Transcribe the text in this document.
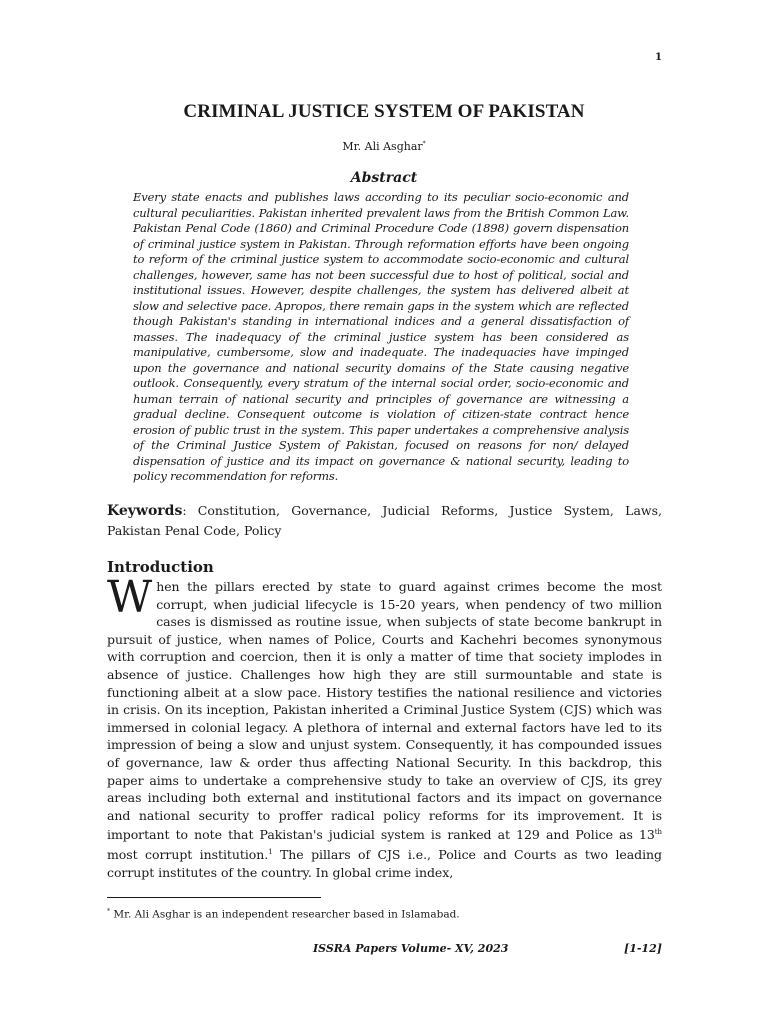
1
CRIMINAL JUSTICE SYSTEM OF PAKISTAN
Mr. Ali Asghar*
Abstract
Every state enacts and publishes laws according to its peculiar socio-economic and cultural peculiarities. Pakistan inherited prevalent laws from the British Common Law. Pakistan Penal Code (1860) and Criminal Procedure Code (1898) govern dispensation of criminal justice system in Pakistan. Through reformation efforts have been ongoing to reform of the criminal justice system to accommodate socio-economic and cultural challenges, however, same has not been successful due to host of political, social and institutional issues. However, despite challenges, the system has delivered albeit at slow and selective pace. Apropos, there remain gaps in the system which are reflected though Pakistan's standing in international indices and a general dissatisfaction of masses. The inadequacy of the criminal justice system has been considered as manipulative, cumbersome, slow and inadequate. The inadequacies have impinged upon the governance and national security domains of the State causing negative outlook. Consequently, every stratum of the internal social order, socio-economic and human terrain of national security and principles of governance are witnessing a gradual decline. Consequent outcome is violation of citizen-state contract hence erosion of public trust in the system. This paper undertakes a comprehensive analysis of the Criminal Justice System of Pakistan, focused on reasons for non/ delayed dispensation of justice and its impact on governance & national security, leading to policy recommendation for reforms.
Keywords: Constitution, Governance, Judicial Reforms, Justice System, Laws, Pakistan Penal Code, Policy
Introduction
When the pillars erected by state to guard against crimes become the most corrupt, when judicial lifecycle is 15-20 years, when pendency of two million cases is dismissed as routine issue, when subjects of state become bankrupt in pursuit of justice, when names of Police, Courts and Kachehri becomes synonymous with corruption and coercion, then it is only a matter of time that society implodes in absence of justice. Challenges how high they are still surmountable and state is functioning albeit at a slow pace. History testifies the national resilience and victories in crisis. On its inception, Pakistan inherited a Criminal Justice System (CJS) which was immersed in colonial legacy. A plethora of internal and external factors have led to its impression of being a slow and unjust system. Consequently, it has compounded issues of governance, law & order thus affecting National Security. In this backdrop, this paper aims to undertake a comprehensive study to take an overview of CJS, its grey areas including both external and institutional factors and its impact on governance and national security to proffer radical policy reforms for its improvement. It is important to note that Pakistan's judicial system is ranked at 129 and Police as 13th most corrupt institution.$^1$ The pillars of CJS i.e., Police and Courts as two leading corrupt institutes of the country. In global crime index,
* Mr. Ali Asghar is an independent researcher based in Islamabad.
ISSRA Papers Volume- XV, 2023	[1-12]
